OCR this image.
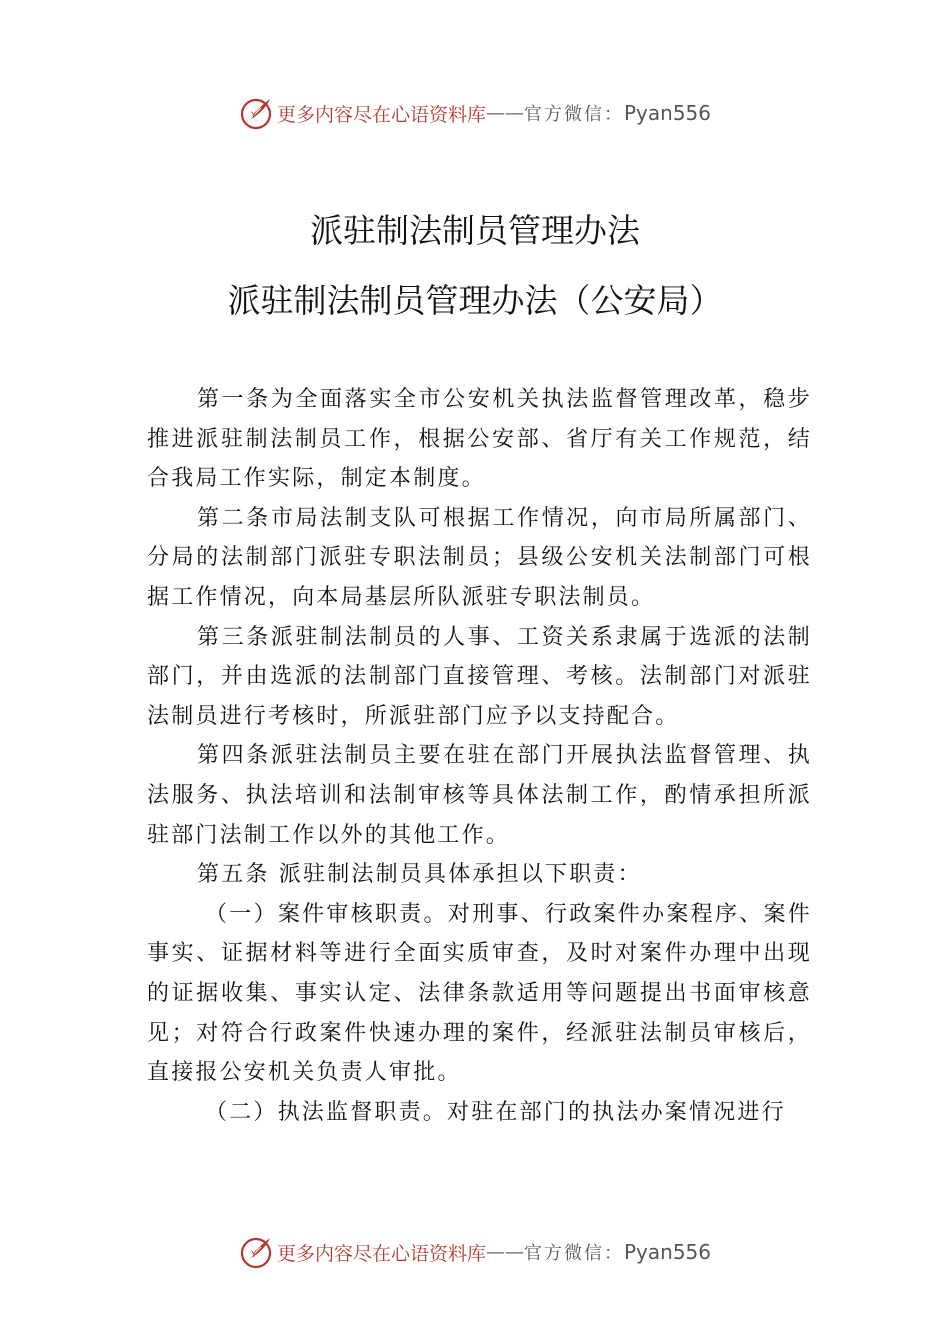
Y 更多内容尽在心语资料库 —— 官方微信： Pyan556
派驻制法制员管理办法
派驻制法制员管理办法（公安局）

第一条为全面落实全市公安机关执法监督管理改革，稳步推进派驻制法制员工作，根据公安部、省厅有关工作规范，结合我局工作实际，制定本制度。

第二条市局法制支队可根据工作情况，向市局所属部门、分局的法制部门派驻专职法制员；县级公安机关法制部门可根据工作情况，向本局基层所队派驻专职法制员。

第三条派驻制法制员的人事、工资关系隶属于选派的法制部门，并由选派的法制部门直接管理、考核。法制部门对派驻法制员进行考核时，所派驻部门应予以支持配合。

第四条派驻法制员主要在驻在部门开展执法监督管理、执法服务、执法培训和法制审核等具体法制工作，酌情承担所派驻部门法制工作以外的其他工作。

第五条 派驻制法制员具体承担以下职责：

（一）案件审核职责。对刑事、行政案件办案程序、案件事实、证据材料等进行全面实质审查，及时对案件办理中出现的证据收集、事实认定、法律条款适用等问题提出书面审核意见；对符合行政案件快速办理的案件，经派驻法制员审核后，直接报公安机关负责人审批。

（二）执法监督职责。对驻在部门的执法办案情况进行

Y 更多内容尽在心语资料库 —— 官方微信： Pyan556
